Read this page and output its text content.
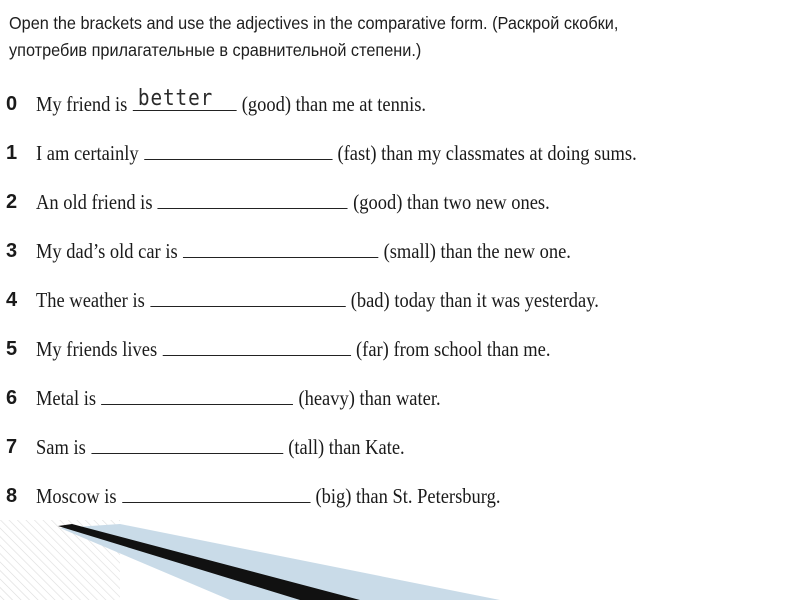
Open the brackets and use the adjectives in the comparative form. (Раскрой скобки,
употребив прилагательные в сравнительной степени.)
0 My friend is better (good) than me at tennis.
1 I am certainly	(fast) than my classmates at doing sums.
2 An old friend is	(good) than two new ones.
3 My dad’s old car is	(small) than the new one.
4 The weather is	(bad) today than it was yesterday.
5 My friends lives	(far) from school than me.
6 Metal is	(heavy) than water.
7 Sam is	(tall) than Kate.
8 Moscow is	(big) than St. Petersburg.
